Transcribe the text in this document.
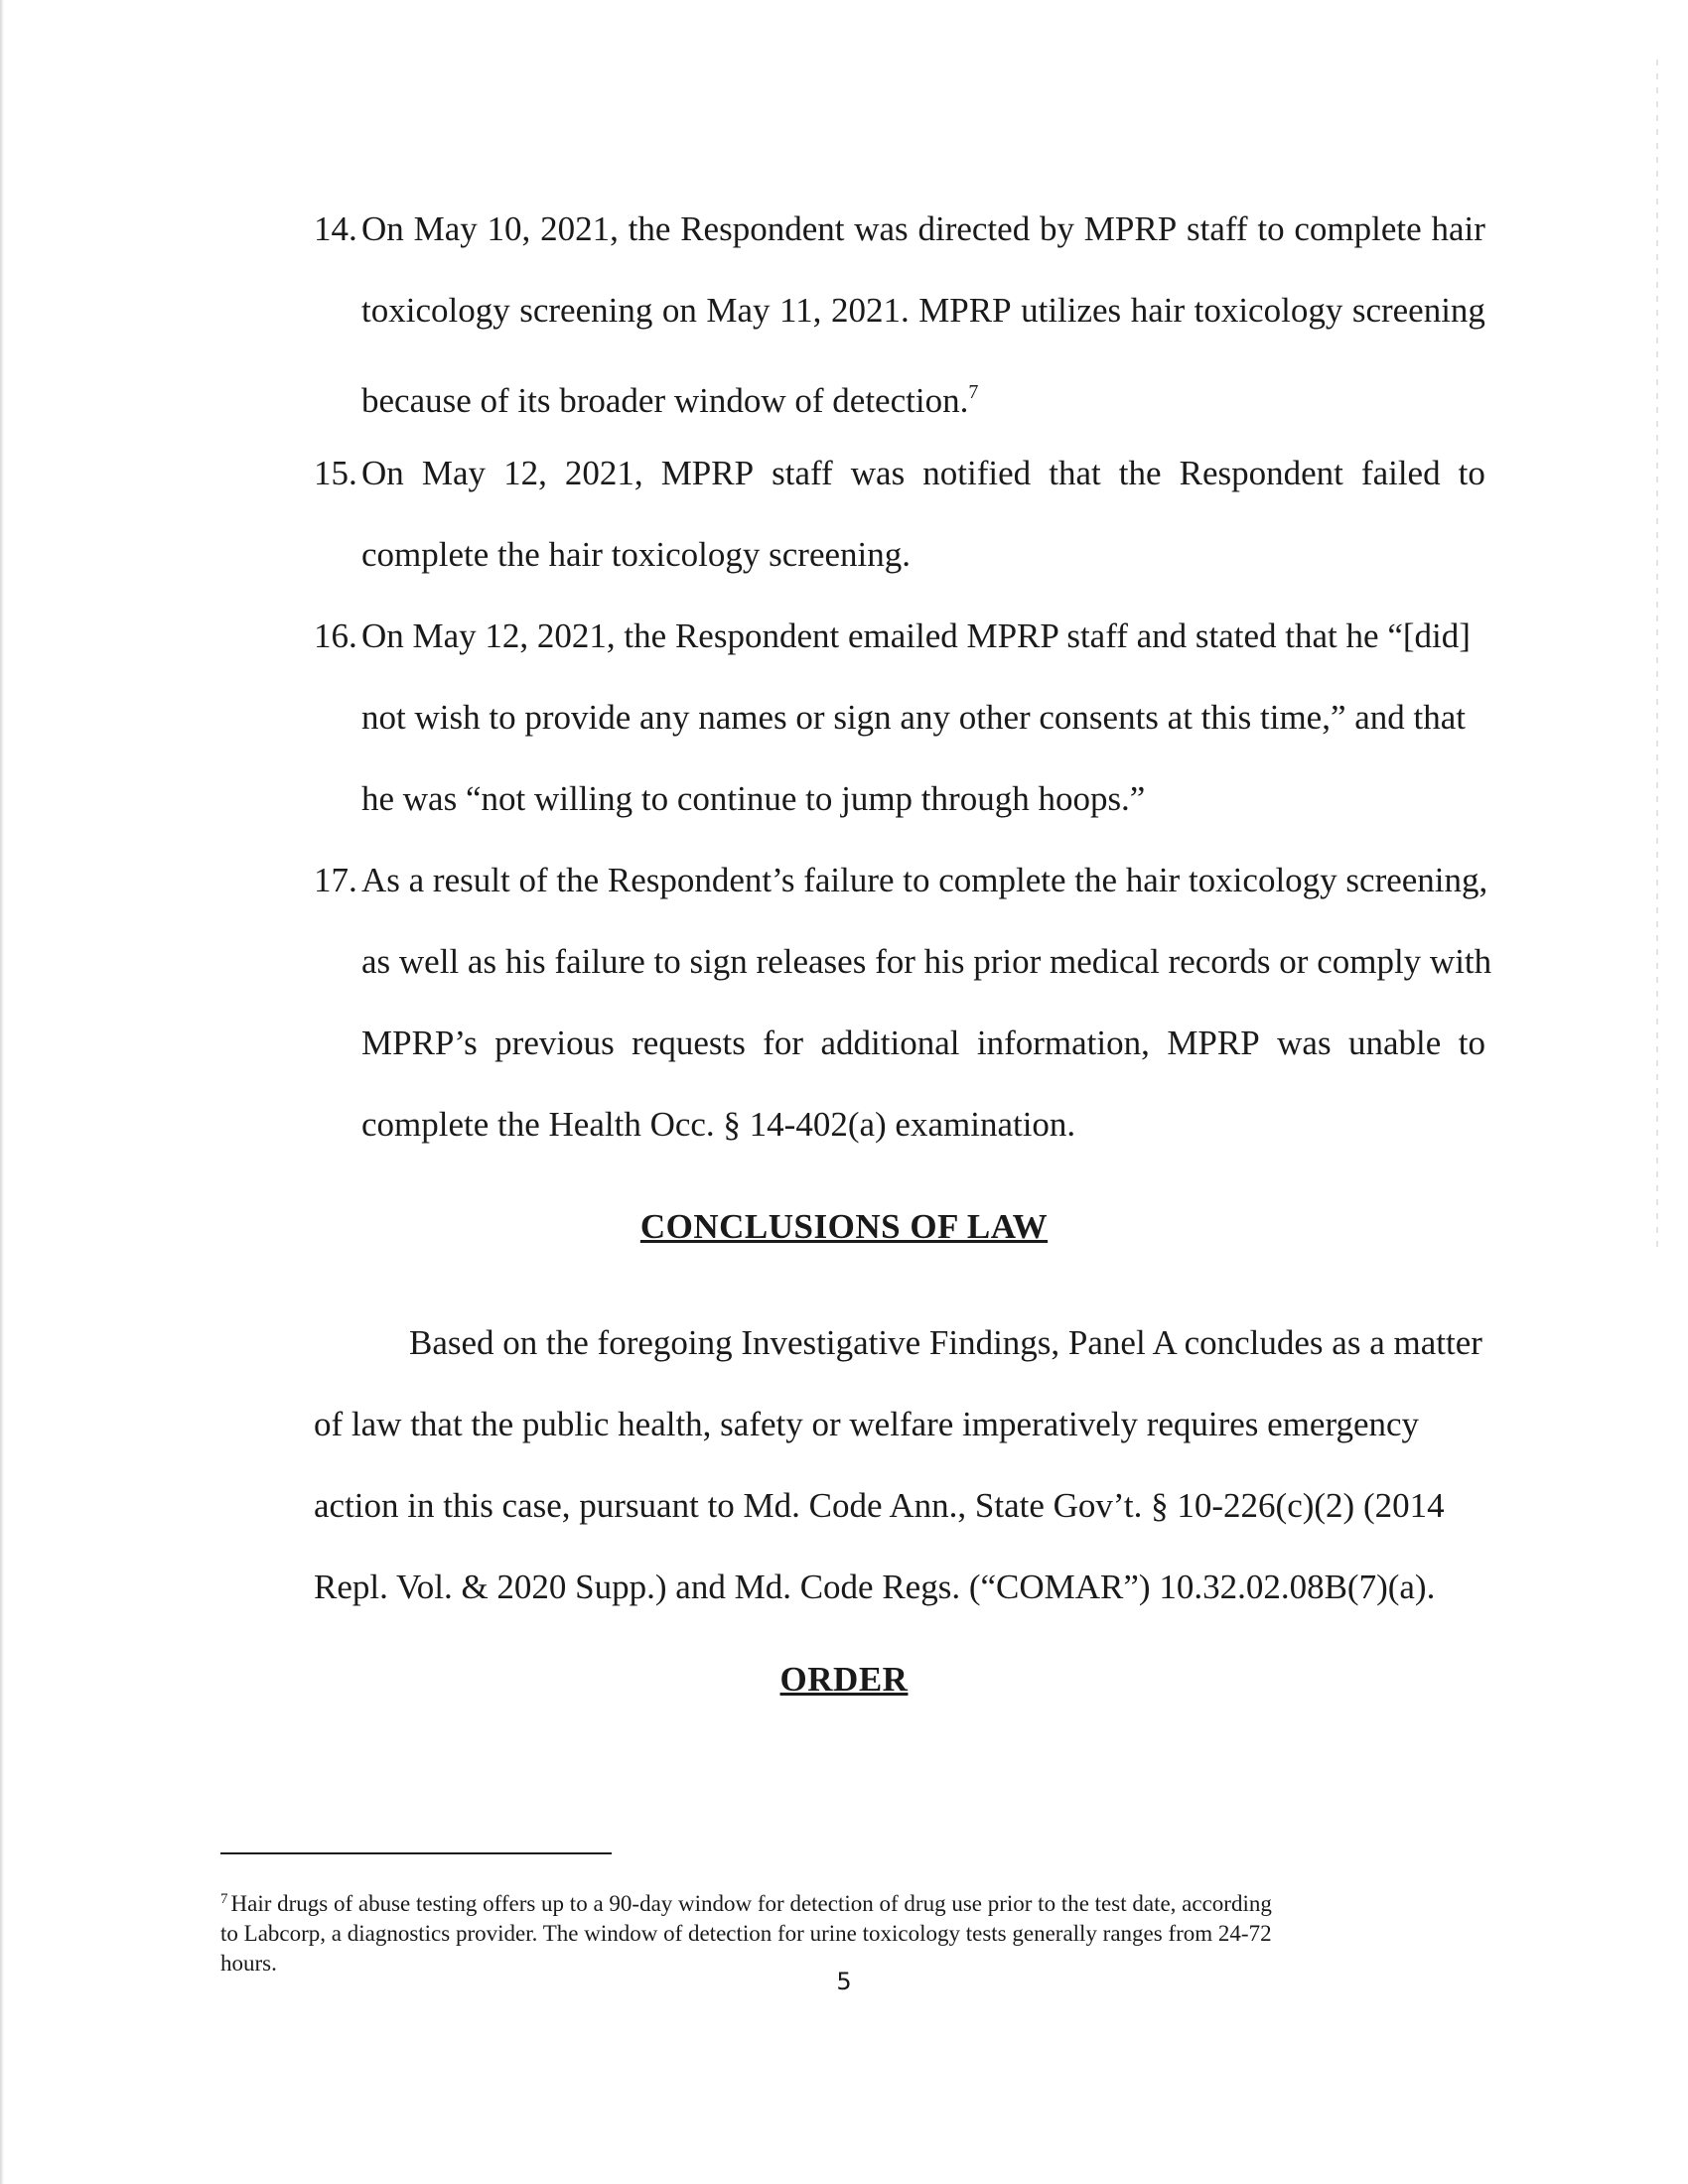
14. On May 10, 2021, the Respondent was directed by MPRP staff to complete hair
toxicology screening on May 11, 2021. MPRP utilizes hair toxicology screening
because of its broader window of detection.$^7$
15. On May 12, 2021, MPRP staff was notified that the Respondent failed to
complete the hair toxicology screening.
16. On May 12, 2021, the Respondent emailed MPRP staff and stated that he “[did]
not wish to provide any names or sign any other consents at this time,” and that
he was “not willing to continue to jump through hoops.”
17. As a result of the Respondent’s failure to complete the hair toxicology screening,
as well as his failure to sign releases for his prior medical records or comply with
MPRP’s previous requests for additional information, MPRP was unable to
complete the Health Occ. § 14-402(a) examination.
CONCLUSIONS OF LAW
Based on the foregoing Investigative Findings, Panel A concludes as a matter
of law that the public health, safety or welfare imperatively requires emergency
action in this case, pursuant to Md. Code Ann., State Gov’t. § 10-226(c)(2) (2014
Repl. Vol. & 2020 Supp.) and Md. Code Regs. (“COMAR”) 10.32.02.08B(7)(a).
ORDER
$^7$ Hair drugs of abuse testing offers up to a 90-day window for detection of drug use prior to the test date, according
to Labcorp, a diagnostics provider. The window of detection for urine toxicology tests generally ranges from 24-72
hours.
5
